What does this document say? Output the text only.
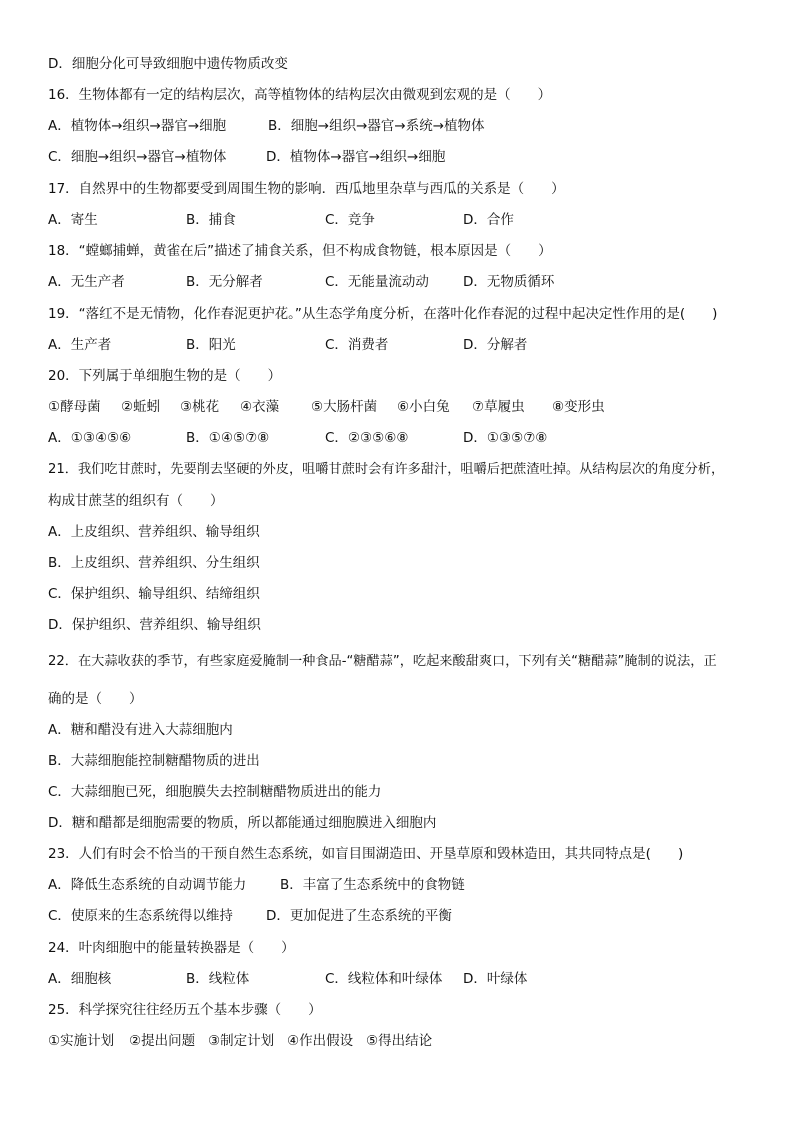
D．细胞分化可导致细胞中遗传物质改变
16．生物体都有一定的结构层次，高等植物体的结构层次由微观到宏观的是（　　）
A．植物体→组织→器官→细胞	B．细胞→组织→器官→系统→植物体
C．细胞→组织→器官→植物体	D．植物体→器官→组织→细胞
17．自然界中的生物都要受到周围生物的影响．西瓜地里杂草与西瓜的关系是（　　）
A．寄生	B．捕食	C．竞争	D．合作
18．“螳螂捕蝉，黄雀在后”描述了捕食关系，但不构成食物链，根本原因是（　　）
A．无生产者	B．无分解者	C．无能量流动动	D．无物质循环
19．“落红不是无情物，化作春泥更护花。”从生态学角度分析，在落叶化作春泥的过程中起决定性作用的是(　　)
A．生产者	B．阳光	C．消费者	D．分解者
20．下列属于单细胞生物的是（　　）
①酵母菌 ②蚯蚓 ③桃花 ④衣藻 ⑤大肠杆菌 ⑥小白兔 ⑦草履虫 ⑧变形虫
A．①③④⑤⑥	B．①④⑤⑦⑧	C．②③⑤⑥⑧	D．①③⑤⑦⑧
21．我们吃甘蔗时，先要削去坚硬的外皮，咀嚼甘蔗时会有许多甜汁，咀嚼后把蔗渣吐掉。从结构层次的角度分析，
构成甘蔗茎的组织有（　　）
A．上皮组织、营养组织、输导组织
B．上皮组织、营养组织、分生组织
C．保护组织、输导组织、结缔组织
D．保护组织、营养组织、输导组织
22．在大蒜收获的季节，有些家庭爱腌制一种食品-“糖醋蒜”，吃起来酸甜爽口，下列有关“糖醋蒜”腌制的说法，正
确的是（　　）
A．糖和醋没有进入大蒜细胞内
B．大蒜细胞能控制糖醋物质的进出
C．大蒜细胞已死，细胞膜失去控制糖醋物质进出的能力
D．糖和醋都是细胞需要的物质，所以都能通过细胞膜进入细胞内
23．人们有时会不恰当的干预自然生态系统，如盲目围湖造田、开垦草原和毁林造田，其共同特点是(　　)
A．降低生态系统的自动调节能力	B．丰富了生态系统中的食物链
C．使原来的生态系统得以维持 D．更加促进了生态系统的平衡
24．叶肉细胞中的能量转换器是（　　）
A．细胞核	B．线粒体	C．线粒体和叶绿体 D．叶绿体
25．科学探究往往经历五个基本步骤（　　）
①实施计划 ②提出问题 ③制定计划 ④作出假设 ⑤得出结论
